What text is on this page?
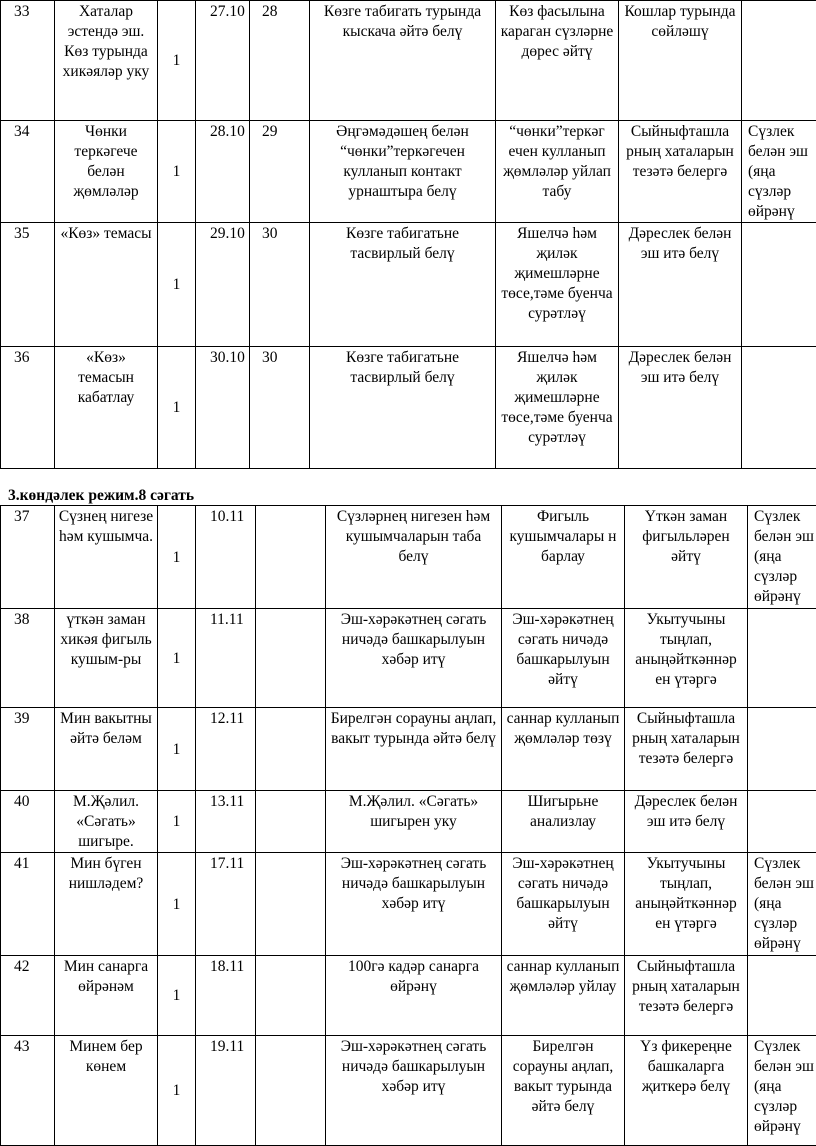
33	Хаталар эстендә эш. Көз турында хикәяләр уку	1	27.10	28	Көзге табигать турында кыскача әйтә белү	Көз фасылына караган сүзләрне дөрес әйтү	Кошлар турында сөйләшү	
34	Чөнки теркәгече белән җөмләләр	1	28.10	29	Әңгәмәдәшең белән “чөнки”теркәгечен кулланып контакт урнаштыра белү	“чөнки”теркәг ечен кулланып җөмләләр уйлап табу	Сыйныфташла рның хаталарын тезәтә белергә	Сүзлек
белән эш
(яңа
сүзләр
өйрәнү

35	«Көз» темасы	1	29.10	30	Көзге табигатьне тасвирлый белү	Яшелчә һәм җиләк җимешләрне төсе,тәме буенча сурәтләү	Дәреслек белән эш итә белү	
36	«Көз» темасын кабатлау	1	30.10	30	Көзге табигатьне тасвирлый белү	Яшелчә һәм җиләк җимешләрне төсе,тәме буенча сурәтләү	Дәреслек белән эш итә белү	
3.көндәлек режим.8 сәгать
37	Сүзнең нигезе һәм кушымча.	1	10.11		Сүзләрнең нигезен һәм кушымчаларын таба белү	Фигыль кушымчалары н барлау	Үткән заман фигыльләрен әйтү	Сүзлек
белән эш
(яңа
сүзләр
өйрәнү

38	үткән заман хикәя фигыль кушым-ры	1	11.11		Эш-хәрәкәтнең сәгать ничәдә башкарылуын хәбәр итү	Эш-хәрәкәтнең сәгать ничәдә башкарылуын әйтү	Укытучыны тыңлап, аныңәйткәннәр ен үтәргә	
39	Мин вакытны әйтә беләм	1	12.11		Бирелгән сорауны аңлап, вакыт турында әйтә белү	саннар кулланып җөмләләр төзү	Сыйныфташла рның хаталарын тезәтә белергә	
40	М.Җәлил. «Сәгать» шигыре.	1	13.11		М.Җәлил. «Сәгать» шигырен уку	Шигырьне анализлау	Дәреслек белән эш итә белү	
41	Мин бүген нишләдем?	1	17.11		Эш-хәрәкәтнең сәгать ничәдә башкарылуын хәбәр итү	Эш-хәрәкәтнең сәгать ничәдә башкарылуын әйтү	Укытучыны тыңлап, аныңәйткәннәр ен үтәргә	Сүзлек
белән эш
(яңа
сүзләр
өйрәнү

42	Мин санарга өйрәнәм	1	18.11		100гә кадәр санарга өйрәнү	саннар кулланып җөмләләр уйлау	Сыйныфташла рның хаталарын тезәтә белергә	
43	Минем бер көнем	1	19.11		Эш-хәрәкәтнең сәгать ничәдә башкарылуын хәбәр итү	Бирелгән сорауны аңлап, вакыт турында әйтә белү	Үз фикереңне башкаларга җиткерә белү	Сүзлек
белән эш
(яңа
сүзләр
өйрәнү
